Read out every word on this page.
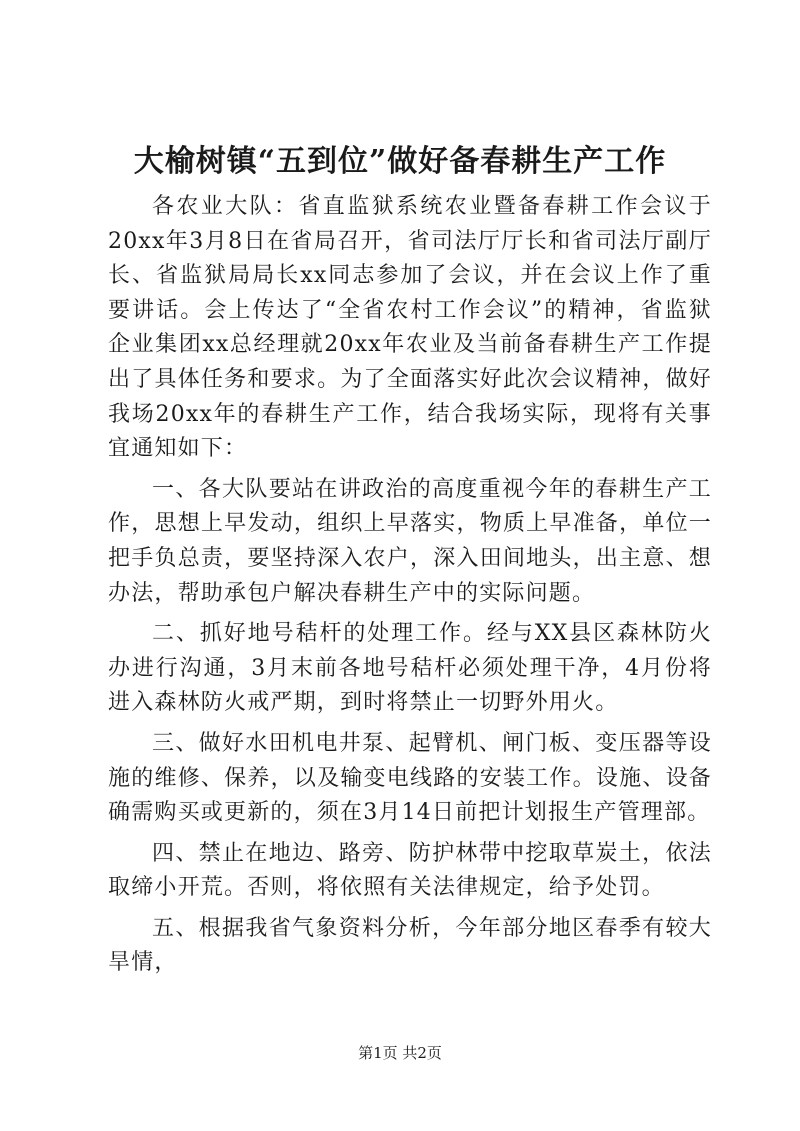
大榆树镇“五到位”做好备春耕生产工作

各农业大队：省直监狱系统农业暨备春耕工作会议于20xx年3月8日在省局召开，省司法厅厅长和省司法厅副厅长、省监狱局局长xx同志参加了会议，并在会议上作了重要讲话。会上传达了“全省农村工作会议”的精神，省监狱企业集团xx总经理就20xx年农业及当前备春耕生产工作提出了具体任务和要求。为了全面落实好此次会议精神，做好我场20xx年的春耕生产工作，结合我场实际，现将有关事宜通知如下：

一、各大队要站在讲政治的高度重视今年的春耕生产工作，思想上早发动，组织上早落实，物质上早准备，单位一把手负总责，要坚持深入农户，深入田间地头，出主意、想办法，帮助承包户解决春耕生产中的实际问题。

二、抓好地号秸杆的处理工作。经与XX县区森林防火办进行沟通，3月末前各地号秸杆必须处理干净，4月份将进入森林防火戒严期，到时将禁止一切野外用火。

三、做好水田机电井泵、起臂机、闸门板、变压器等设施的维修、保养，以及输变电线路的安装工作。设施、设备确需购买或更新的，须在3月14日前把计划报生产管理部。

四、禁止在地边、路旁、防护林带中挖取草炭土，依法取缔小开荒。否则，将依照有关法律规定，给予处罚。

五、根据我省气象资料分析，今年部分地区春季有较大旱情，

第1页 共2页
